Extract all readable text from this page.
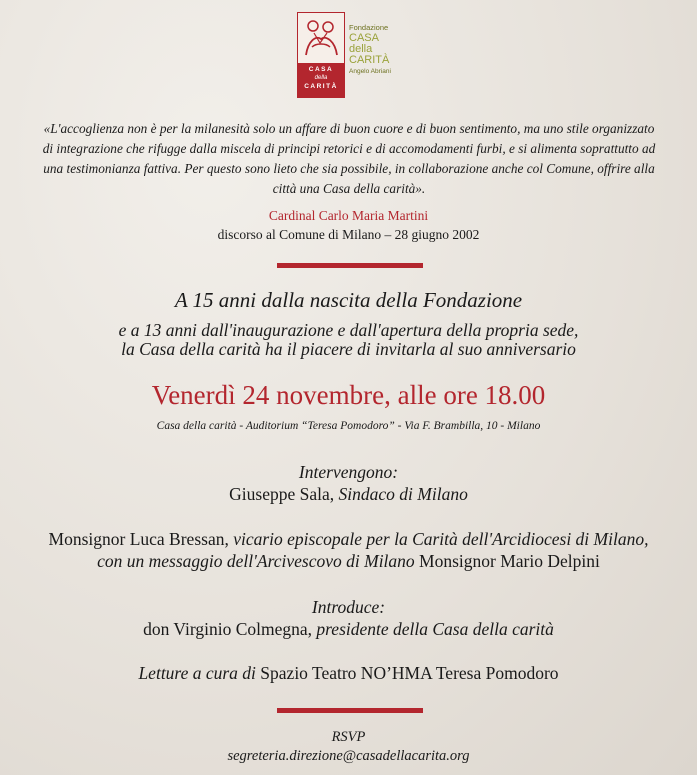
CASA
della
CARITÀ
Fondazione
CASA
della
CARITÀ
Angelo Abriani
«L'accoglienza non è per la milanesità solo un affare di buon cuore e di buon sentimento, ma uno stile organizzato di integrazione che rifugge dalla miscela di principi retorici e di accomodamenti furbi, e si alimenta soprattutto ad una testimonianza fattiva. Per questo sono lieto che sia possibile, in collaborazione anche col Comune, offrire alla città una Casa della carità».
Cardinal Carlo Maria Martini
discorso al Comune di Milano – 28 giugno 2002
A 15 anni dalla nascita della Fondazione
e a 13 anni dall'inaugurazione e dall'apertura della propria sede,
la Casa della carità ha il piacere di invitarla al suo anniversario
Venerdì 24 novembre, alle ore 18.00
Casa della carità - Auditorium “Teresa Pomodoro” - Via F. Brambilla, 10 - Milano
Intervengono:
Giuseppe Sala, Sindaco di Milano
Monsignor Luca Bressan, vicario episcopale per la Carità dell'Arcidiocesi di Milano,
con un messaggio dell'Arcivescovo di Milano Monsignor Mario Delpini
Introduce:
don Virginio Colmegna, presidente della Casa della carità
Letture a cura di Spazio Teatro NO’HMA Teresa Pomodoro
RSVP
segreteria.direzione@casadellacarita.org
